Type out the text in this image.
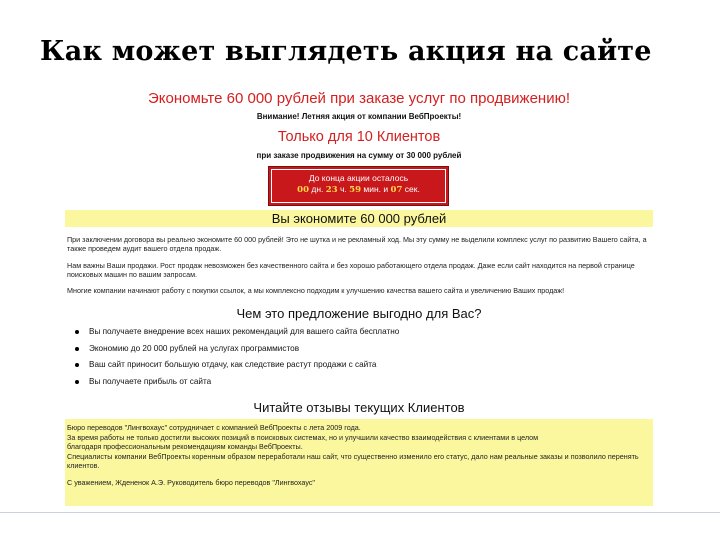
Как может выглядеть акция на сайте
Экономьте 60 000 рублей при заказе услуг по продвижению!
Внимание! Летняя акция от компании ВебПроекты!
Только для 10 Клиентов
при заказе продвижения на сумму от 30 000 рублей
До конца акции осталось
00 дн. 23 ч. 59 мин. и 07 сек.
Вы экономите 60 000 рублей
При заключении договора вы реально экономите 60 000 рублей! Это не шутка и не рекламный ход. Мы эту сумму не выделили комплекс услуг по развитию Вашего сайта, а также проведем аудит вашего отдела продаж.
Нам важны Ваши продажи. Рост продаж невозможен без качественного сайта и без хорошо работающего отдела продаж. Даже если сайт находится на первой странице поисковых машин по вашим запросам.
Многие компании начинают работу с покупки ссылок, а мы комплексно подходим к улучшению качества вашего сайта и увеличению Ваших продаж!
Чем это предложение выгодно для Вас?
Вы получаете внедрение всех наших рекомендаций для вашего сайта бесплатно
Экономию до 20 000 рублей на услугах программистов
Ваш сайт приносит большую отдачу, как следствие растут продажи с сайта
Вы получаете прибыль от сайта
Читайте отзывы текущих Клиентов
Бюро переводов "Лингвохаус" сотрудничает с компанией ВебПроекты с лета 2009 года.
За время работы не только достигли высоких позиций в поисковых системах, но и улучшили качество взаимодействия с клиентами в целом
благодаря профессиональным рекомендациям команды ВебПроекты.
Специалисты компании ВебПроекты коренным образом переработали наш сайт, что существенно изменило его статус, дало нам реальные заказы и позволило перенять клиентов.
С уважением, Ждененок А.Э. Руководитель бюро переводов "Лингвохаус"
